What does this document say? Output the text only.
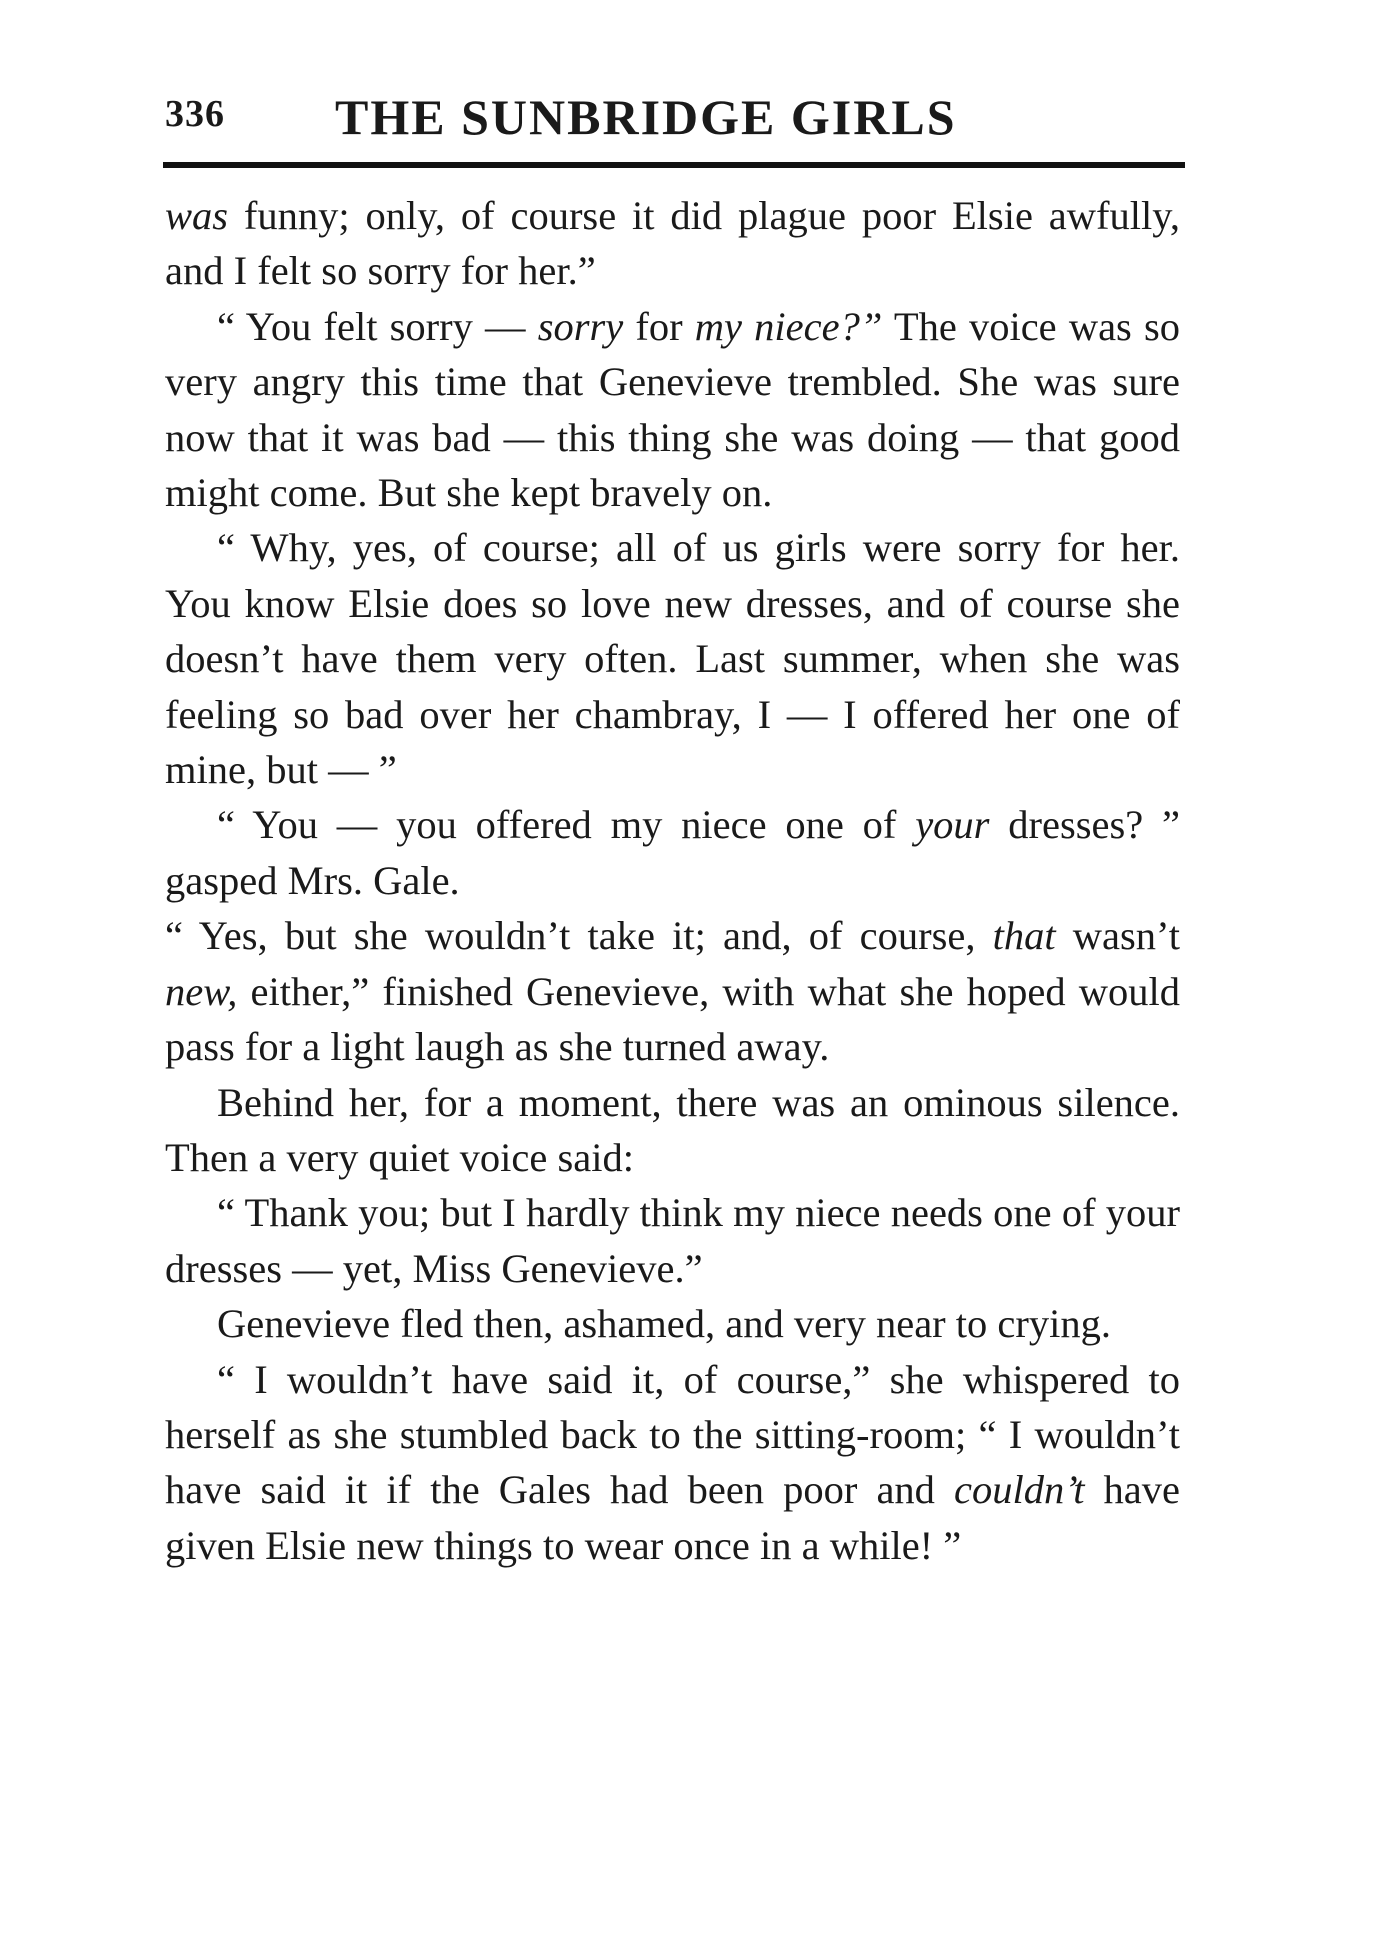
336 THE SUNBRIDGE GIRLS

was funny; only, of course it did plague poor Elsie awfully, and I felt so sorry for her.”

“ You felt sorry — sorry for my niece?” The voice was so very angry this time that Genevieve trembled. She was sure now that it was bad — this thing she was doing — that good might come. But she kept bravely on.

“ Why, yes, of course; all of us girls were sorry for her. You know Elsie does so love new dresses, and of course she doesn’t have them very often. Last summer, when she was feeling so bad over her chambray, I — I offered her one of mine, but — ”

“ You — you offered my niece one of your dresses? ” gasped Mrs. Gale.

“ Yes, but she wouldn’t take it; and, of course, that wasn’t new, either,” finished Genevieve, with what she hoped would pass for a light laugh as she turned away.

Behind her, for a moment, there was an ominous silence. Then a very quiet voice said:

“ Thank you; but I hardly think my niece needs one of your dresses — yet, Miss Genevieve.”

Genevieve fled then, ashamed, and very near to crying.

“ I wouldn’t have said it, of course,” she whispered to herself as she stumbled back to the sitting-room; “ I wouldn’t have said it if the Gales had been poor and couldn’t have given Elsie new things to wear once in a while! ”
